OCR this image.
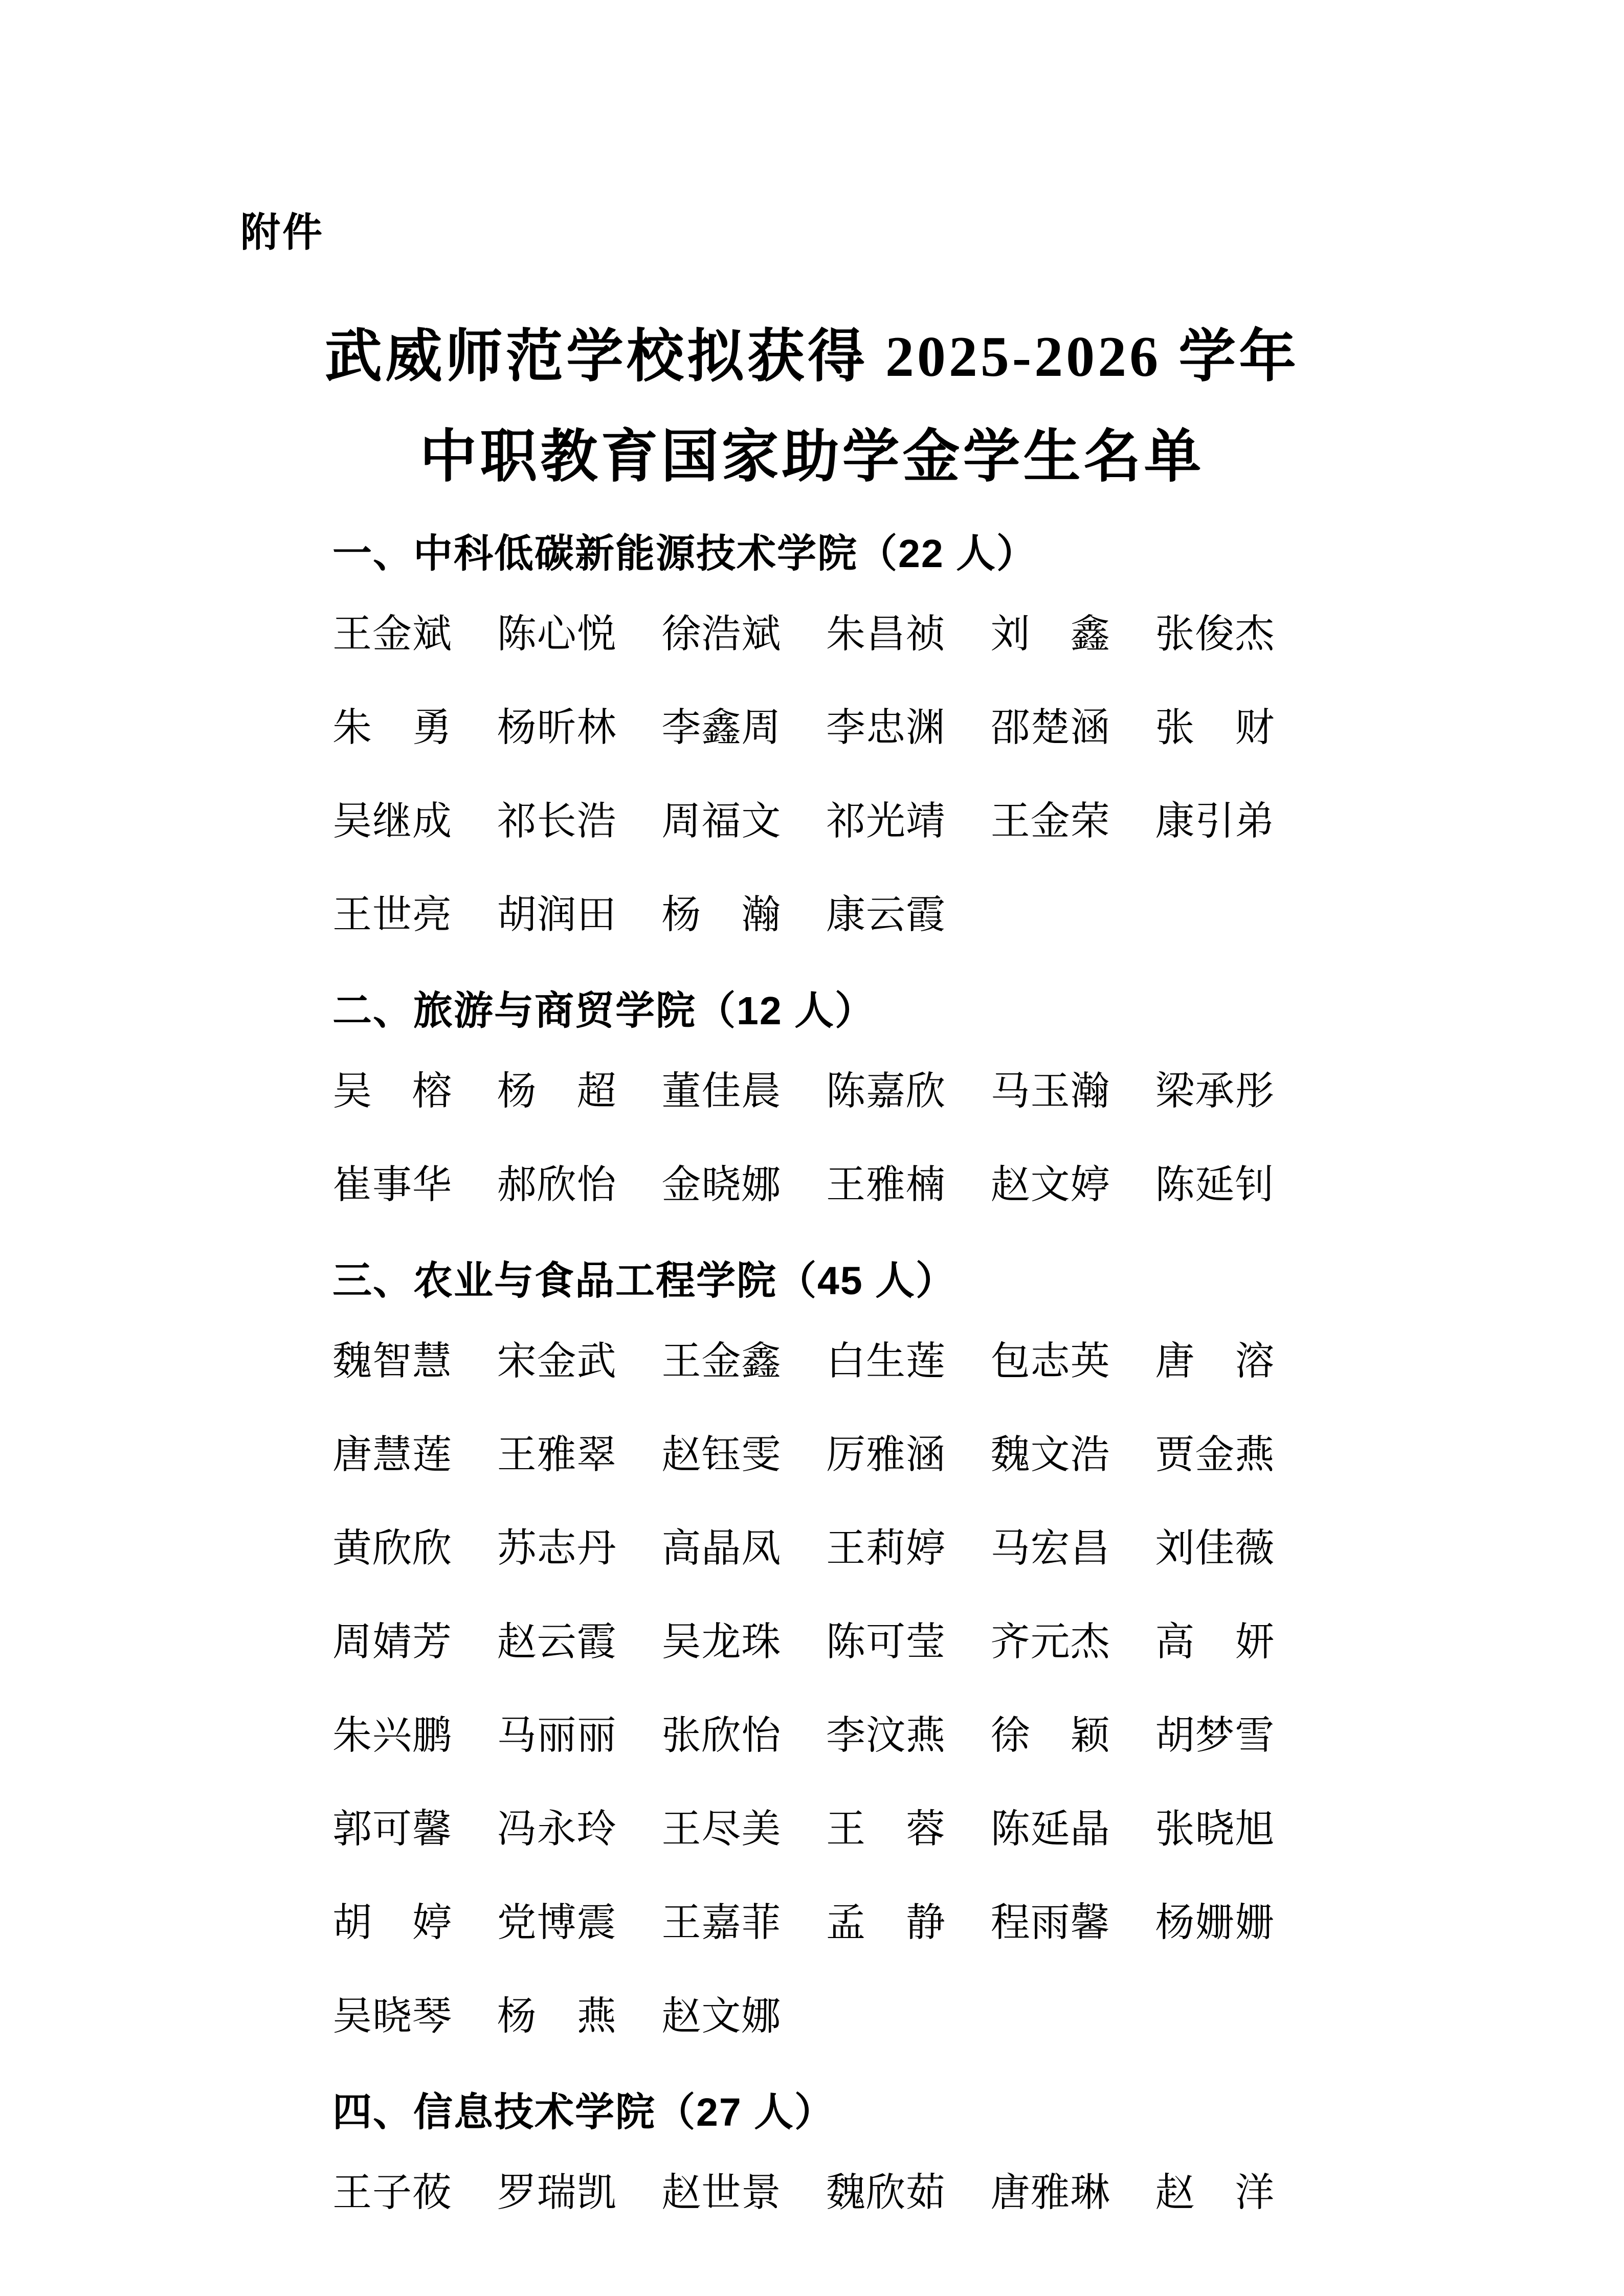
附件
武威师范学校拟获得 2025-2026 学年
中职教育国家助学金学生名单
一、中科低碳新能源技术学院（22 人）
王金斌	陈心悦	徐浩斌	朱昌祯	刘　鑫	张俊杰
朱　勇	杨昕林	李鑫周	李忠渊	邵楚涵	张　财
吴继成	祁长浩	周福文	祁光靖	王金荣	康引弟
王世亮	胡润田	杨　瀚	康云霞
二、旅游与商贸学院（12 人）
吴　榕	杨　超	董佳晨	陈嘉欣	马玉瀚	梁承彤
崔事华	郝欣怡	金晓娜	王雅楠	赵文婷	陈延钊
三、农业与食品工程学院（45 人）
魏智慧	宋金武	王金鑫	白生莲	包志英	唐　溶
唐慧莲	王雅翠	赵钰雯	厉雅涵	魏文浩	贾金燕
黄欣欣	苏志丹	高晶凤	王莉婷	马宏昌	刘佳薇
周婧芳	赵云霞	吴龙珠	陈可莹	齐元杰	高　妍
朱兴鹏	马丽丽	张欣怡	李汶燕	徐　颖	胡梦雪
郭可馨	冯永玲	王尽美	王　蓉	陈延晶	张晓旭
胡　婷	党博震	王嘉菲	孟　静	程雨馨	杨姗姗
吴晓琴	杨　燕	赵文娜
四、信息技术学院（27 人）
王子莜	罗瑞凯	赵世景	魏欣茹	唐雅琳	赵　洋
